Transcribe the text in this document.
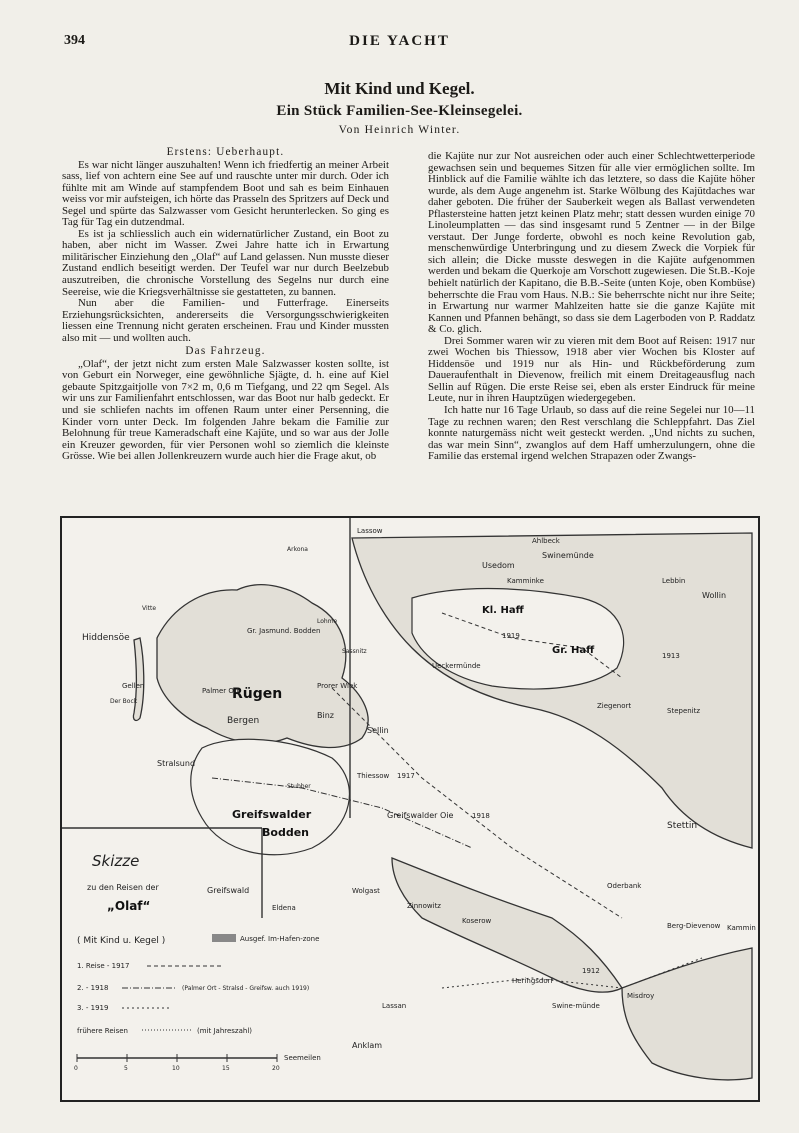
394	DIE YACHT
Mit Kind und Kegel.
Ein Stück Familien-See-Kleinsegelei.
Von Heinrich Winter.
Erstens: Ueberhaupt.

Es war nicht länger auszuhalten! Wenn ich friedfertig an meiner Arbeit sass, lief von achtern eine See auf und rauschte unter mir durch. Oder ich fühlte mit am Winde auf stampfendem Boot und sah es beim Einhauen weiss vor mir aufsteigen, ich hörte das Prasseln des Spritzers auf Deck und Segel und spürte das Salzwasser vom Gesicht herunterlecken. So ging es Tag für Tag ein dutzendmal.

Es ist ja schliesslich auch ein widernatürlicher Zustand, ein Boot zu haben, aber nicht im Wasser. Zwei Jahre hatte ich in Erwartung militärischer Einziehung den „Olaf“ auf Land gelassen. Nun musste dieser Zustand endlich beseitigt werden. Der Teufel war nur durch Beelzebub auszutreiben, die chronische Vorstellung des Segelns nur durch eine Seereise, wie die Kriegsverhältnisse sie gestatteten, zu bannen.

Nun aber die Familien- und Futterfrage. Einerseits Erziehungsrücksichten, andererseits die Versorgungsschwierigkeiten liessen eine Trennung nicht geraten erscheinen. Frau und Kinder mussten also mit — und wollten auch.

Das Fahrzeug.

„Olaf“, der jetzt nicht zum ersten Male Salzwasser kosten sollte, ist von Geburt ein Norweger, eine gewöhnliche Sjägte, d. h. eine auf Kiel gebaute Spitzgaitjolle von 7×2 m, 0,6 m Tiefgang, und 22 qm Segel. Als wir uns zur Familienfahrt entschlossen, war das Boot nur halb gedeckt. Er und sie schliefen nachts im offenen Raum unter einer Persenning, die Kinder vorn unter Deck. Im folgenden Jahre bekam die Familie zur Belohnung für treue Kameradschaft eine Kajüte, und so war aus der Jolle ein Kreuzer geworden, für vier Personen wohl so ziemlich die kleinste Grösse. Wie bei allen Jollenkreuzern wurde auch hier die Frage akut, ob

die Kajüte nur zur Not ausreichen oder auch einer Schlechtwetterperiode gewachsen sein und bequemes Sitzen für alle vier ermöglichen sollte. Im Hinblick auf die Familie wählte ich das letztere, so dass die Kajüte höher wurde, als dem Auge angenehm ist. Starke Wölbung des Kajütdaches war daher geboten. Die früher der Sauberkeit wegen als Ballast verwendeten Pflastersteine hatten jetzt keinen Platz mehr; statt dessen wurden einige 70 Linoleumplatten — das sind insgesamt rund 5 Zentner — in der Bilge verstaut. Der Junge forderte, obwohl es noch keine Revolution gab, menschenwürdige Unterbringung und zu diesem Zweck die Vorpiek für sich allein; die Dicke musste deswegen in die Kajüte aufgenommen werden und bekam die Querkoje am Vorschott zugewiesen. Die St.B.-Koje behielt natürlich der Kapitano, die B.B.-Seite (unten Koje, oben Kombüse) beherrschte die Frau vom Haus. N.B.: Sie beherrschte nicht nur ihre Seite; in Erwartung nur warmer Mahlzeiten hatte sie die ganze Kajüte mit Kannen und Pfannen behängt, so dass sie dem Lagerboden von P. Raddatz & Co. glich.

Drei Sommer waren wir zu vieren mit dem Boot auf Reisen: 1917 nur zwei Wochen bis Thiessow, 1918 aber vier Wochen bis Kloster auf Hiddensöe und 1919 nur als Hin- und Rückbeförderung zum Daueraufenthalt in Dievenow, freilich mit einem Dreitageausflug nach Sellin auf Rügen. Die erste Reise sei, eben als erster Eindruck für meine Leute, nur in ihren Hauptzügen wiedergegeben.

Ich hatte nur 16 Tage Urlaub, so dass auf die reine Segelei nur 10—11 Tage zu rechnen waren; den Rest verschlang die Schleppfahrt. Das Ziel konnte naturgemäss nicht weit gesteckt werden. „Und nichts zu suchen, das war mein Sinn“, zwanglos auf dem Haff umherzulungern, ohne die Familie das erstemal irgend welchen Strapazen oder Zwangs-

Hiddensöe
Rügen
Bergen
Stralsund
Greifswald
Eldena
Greifswalder
Bodden
Greifswalder Oie
Sellin
Binz
Prorer Wiek
Thiessow
Gr. Jasmund. Bodden
Palmer Ort
Vitte
Arkona
Lohme
Sassnitz
Gellen
Der Bock
Stubber
Kl. Haff
Gr. Haff
Swinemünde
Usedom
Stettin
Wollin
Lebbin
Kamminke
Stepenitz
Ziegenort
Ueckermünde
Berg-Dievenow Kammin
Anklam
Wolgast
Lassan
Zinnowitz
Koserow
Heringsdorf
Ahlbeck
Misdroy
Oderbank
Lassow
Swine-münde
1917
1918
1919
1912
1913
Skizze
zu den Reisen der
„Olaf“
( Mit Kind u. Kegel )	Ausgef. Im-Hafen-zone
1. Reise - 1917
2. - 1918	(Palmer Ort - Stralsd - Greifsw. auch 1919)
3. - 1919
frühere Reisen	(mit Jahreszahl)
0	5	10	15	20
Seemeilen
